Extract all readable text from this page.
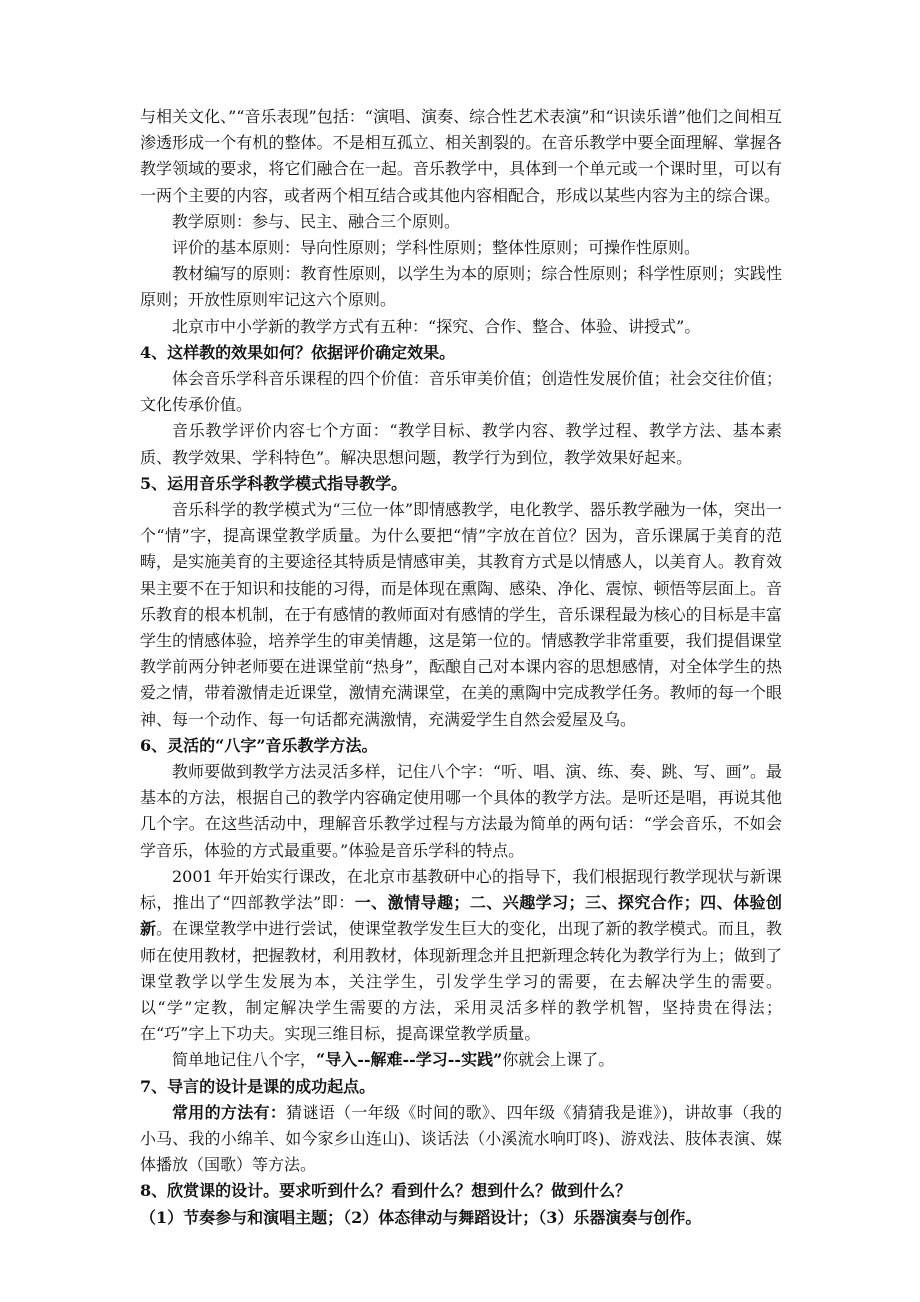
与相关文化、”“音乐表现”包括：“演唱、演奏、综合性艺术表演”和“识读乐谱”他们之间相互渗透形成一个有机的整体。不是相互孤立、相关割裂的。在音乐教学中要全面理解、掌握各教学领域的要求，将它们融合在一起。音乐教学中，具体到一个单元或一个课时里，可以有一两个主要的内容，或者两个相互结合或其他内容相配合，形成以某些内容为主的综合课。

教学原则：参与、民主、融合三个原则。

评价的基本原则：导向性原则；学科性原则；整体性原则；可操作性原则。

教材编写的原则：教育性原则，以学生为本的原则；综合性原则；科学性原则；实践性原则；开放性原则牢记这六个原则。

北京市中小学新的教学方式有五种：“探究、合作、整合、体验、讲授式”。

4、这样教的效果如何？依据评价确定效果。

体会音乐学科音乐课程的四个价值：音乐审美价值；创造性发展价值；社会交往价值；文化传承价值。

音乐教学评价内容七个方面：“教学目标、教学内容、教学过程、教学方法、基本素质、教学效果、学科特色”。解决思想问题，教学行为到位，教学效果好起来。

5、运用音乐学科教学模式指导教学。

音乐科学的教学模式为“三位一体”即情感教学，电化教学、器乐教学融为一体，突出一个“情”字，提高课堂教学质量。为什么要把“情”字放在首位？因为，音乐课属于美育的范畴，是实施美育的主要途径其特质是情感审美，其教育方式是以情感人，以美育人。教育效果主要不在于知识和技能的习得，而是体现在熏陶、感染、净化、震惊、顿悟等层面上。音乐教育的根本机制，在于有感情的教师面对有感情的学生，音乐课程最为核心的目标是丰富学生的情感体验，培养学生的审美情趣，这是第一位的。情感教学非常重要，我们提倡课堂教学前两分钟老师要在进课堂前“热身”，酝酿自己对本课内容的思想感情，对全体学生的热爱之情，带着激情走近课堂，激情充满课堂，在美的熏陶中完成教学任务。教师的每一个眼神、每一个动作、每一句话都充满激情，充满爱学生自然会爱屋及乌。

6、灵活的“八字”音乐教学方法。

教师要做到教学方法灵活多样，记住八个字：“听、唱、演、练、奏、跳、写、画”。最基本的方法，根据自己的教学内容确定使用哪一个具体的教学方法。是听还是唱，再说其他几个字。在这些活动中，理解音乐教学过程与方法最为简单的两句话：“学会音乐，不如会学音乐，体验的方式最重要。”体验是音乐学科的特点。

2001 年开始实行课改，在北京市基教研中心的指导下，我们根据现行教学现状与新课标，推出了“四部教学法”即：一、激情导趣；二、兴趣学习；三、探究合作；四、体验创新。在课堂教学中进行尝试，使课堂教学发生巨大的变化，出现了新的教学模式。而且，教师在使用教材，把握教材，利用教材，体现新理念并且把新理念转化为教学行为上；做到了课堂教学以学生发展为本，关注学生，引发学生学习的需要，在去解决学生的需要。以“学”定教，制定解决学生需要的方法，采用灵活多样的教学机智，坚持贵在得法；在“巧”字上下功夫。实现三维目标，提高课堂教学质量。

简单地记住八个字，“导入--解难--学习--实践”你就会上课了。

7、导言的设计是课的成功起点。

常用的方法有：猜谜语（一年级《时间的歌》、四年级《猜猜我是谁》)，讲故事（我的小马、我的小绵羊、如今家乡山连山)、谈话法（小溪流水响叮咚)、游戏法、肢体表演、媒体播放（国歌）等方法。

8、欣赏课的设计。要求听到什么？看到什么？想到什么？做到什么？

（1）节奏参与和演唱主题；（2）体态律动与舞蹈设计；（3）乐器演奏与创作。
